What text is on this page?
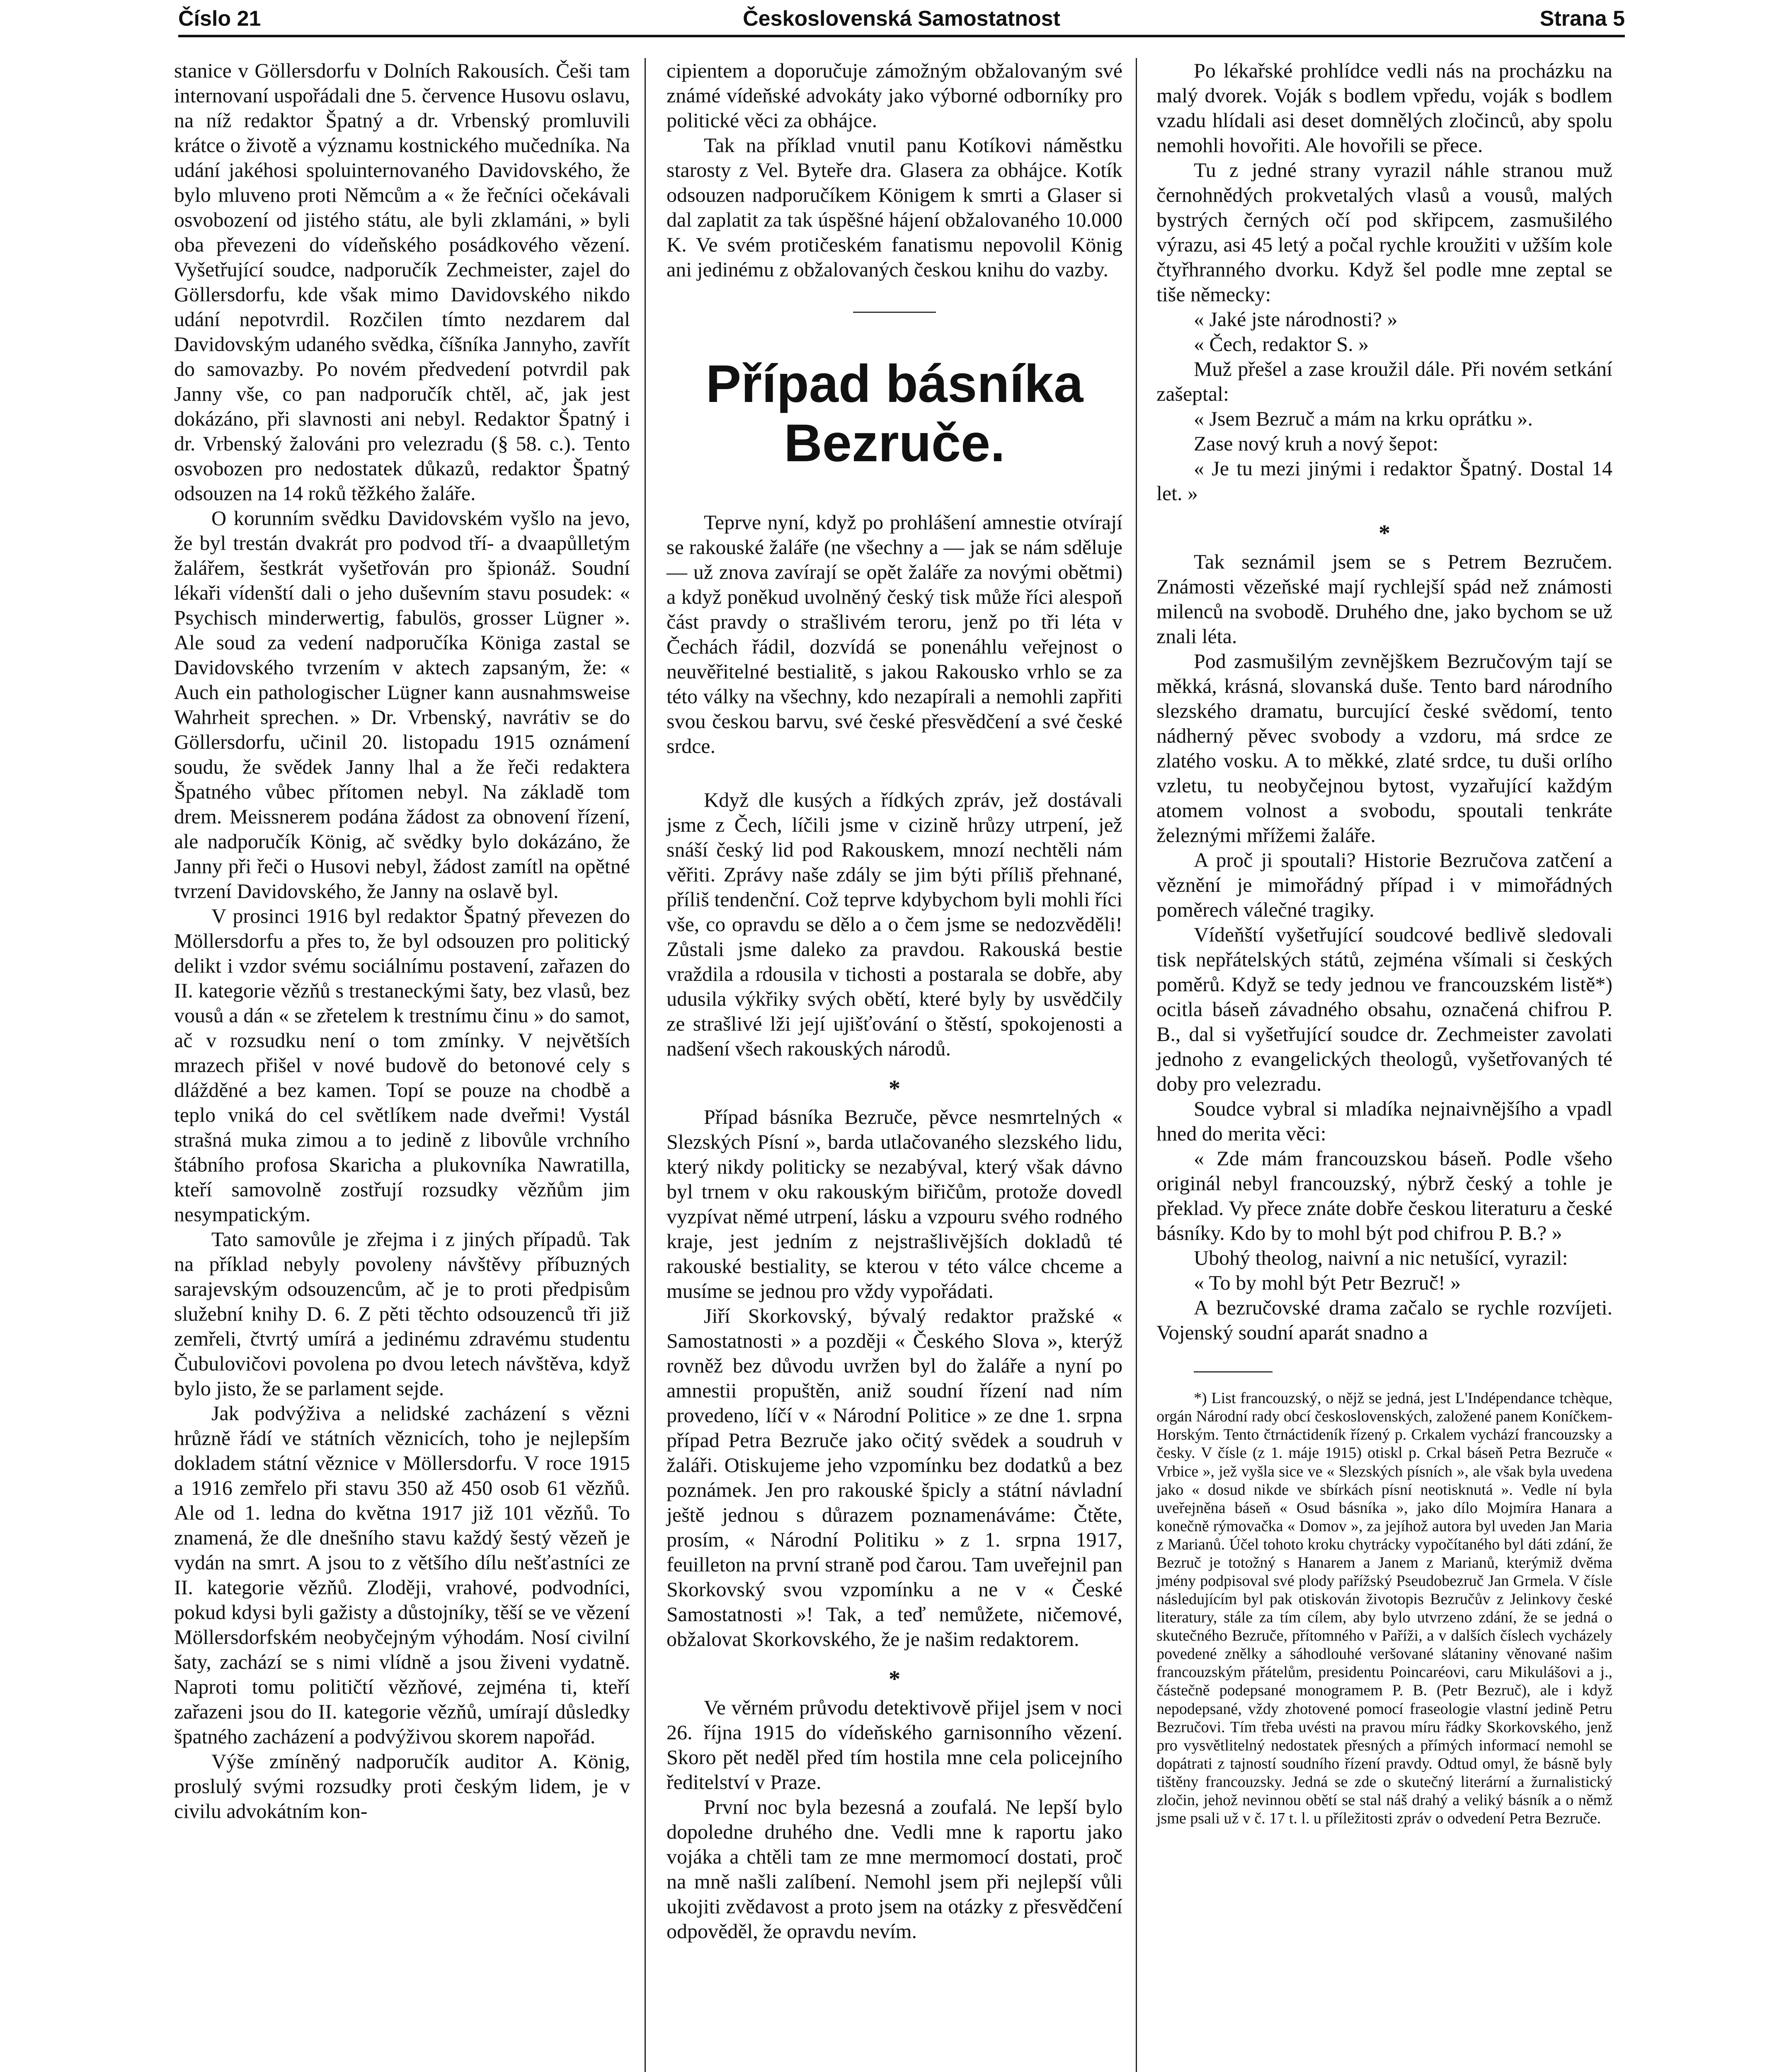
Číslo 21	Československá Samostatnost	Strana 5

stanice v Göllersdorfu v Dolních Rakousích. Češi tam internovaní uspořádali dne 5. července Husovu oslavu, na níž redaktor Špatný a dr. Vrbenský promluvili krátce o životě a významu kostnického mučedníka. Na udání jakéhosi spoluinternovaného Davidovského, že bylo mluveno proti Němcům a « že řečníci očekávali osvobození od jistého státu, ale byli zklamáni, » byli oba převezeni do vídeňského posádkového vězení. Vyšetřující soudce, nadporučík Zechmeister, zajel do Göllersdorfu, kde však mimo Davidovského nikdo udání nepotvrdil. Rozčilen tímto nezdarem dal Davidovským udaného svědka, číšníka Jannyho, zavřít do samovazby. Po novém předvedení potvrdil pak Janny vše, co pan nadporučík chtěl, ač, jak jest dokázáno, při slavnosti ani nebyl. Redaktor Špatný i dr. Vrbenský žalováni pro velezradu (§ 58. c.). Tento osvobozen pro nedostatek důkazů, redaktor Špatný odsouzen na 14 roků těžkého žaláře.

O korunním svědku Davidovském vyšlo na jevo, že byl trestán dvakrát pro podvod tří- a dvaapůlletým žalářem, šestkrát vyšetřován pro špionáž. Soudní lékaři vídenští dali o jeho duševním stavu posudek: « Psychisch minderwertig, fabulös, grosser Lügner ». Ale soud za vedení nadporučíka Königa zastal se Davidovského tvrzením v aktech zapsaným, že: « Auch ein pathologischer Lügner kann ausnahmsweise Wahrheit sprechen. » Dr. Vrbenský, navrátiv se do Göllersdorfu, učinil 20. listopadu 1915 oznámení soudu, že svědek Janny lhal a že řeči redaktera Špatného vůbec přítomen nebyl. Na základě tom drem. Meissnerem podána žádost za obnovení řízení, ale nadporučík König, ač svědky bylo dokázáno, že Janny při řeči o Husovi nebyl, žádost zamítl na opětné tvrzení Davidovského, že Janny na oslavě byl.

V prosinci 1916 byl redaktor Špatný převezen do Möllersdorfu a přes to, že byl odsouzen pro politický delikt i vzdor svému sociálnímu postavení, zařazen do II. kategorie vězňů s trestaneckými šaty, bez vlasů, bez vousů a dán « se zřetelem k trestnímu činu » do samot, ač v rozsudku není o tom zmínky. V největších mrazech přišel v nové budově do betonové cely s dlážděné a bez kamen. Topí se pouze na chodbě a teplo vniká do cel světlíkem nade dveřmi! Vystál strašná muka zimou a to jedině z libovůle vrchního štábního profosa Skaricha a plukovníka Nawratilla, kteří samovolně zostřují rozsudky vězňům jim nesympatickým.

Tato samovůle je zřejma i z jiných případů. Tak na příklad nebyly povoleny návštěvy příbuzných sarajevským odsouzencům, ač je to proti předpisům služební knihy D. 6. Z pěti těchto odsouzenců tři již zemřeli, čtvrtý umírá a jedinému zdravému studentu Čubulovičovi povolena po dvou letech návštěva, když bylo jisto, že se parlament sejde.

Jak podvýživa a nelidské zacházení s vězni hrůzně řádí ve státních věznicích, toho je nejlepším dokladem státní věznice v Möllersdorfu. V roce 1915 a 1916 zemřelo při stavu 350 až 450 osob 61 vězňů. Ale od 1. ledna do května 1917 již 101 vězňů. To znamená, že dle dnešního stavu každý šestý vězeň je vydán na smrt. A jsou to z většího dílu nešťastníci ze II. kategorie vězňů. Zloději, vrahové, podvodníci, pokud kdysi byli gažisty a důstojníky, těší se ve vězení Möllersdorfském neobyčejným výhodám. Nosí civilní šaty, zachází se s nimi vlídně a jsou živeni vydatně. Naproti tomu političtí vězňové, zejména ti, kteří zařazeni jsou do II. kategorie vězňů, umírají důsledky špatného zacházení a podvýživou skorem napořád.

Výše zmíněný nadporučík auditor A. König, proslulý svými rozsudky proti českým lidem, je v civilu advokátním kon-

cipientem a doporučuje zámožným obžalovaným své známé vídeňské advokáty jako výborné odborníky pro politické věci za obhájce.

Tak na příklad vnutil panu Kotíkovi náměstku starosty z Vel. Byteře dra. Glasera za obhájce. Kotík odsouzen nadporučíkem Königem k smrti a Glaser si dal zaplatit za tak úspěšné hájení obžalovaného 10.000 K. Ve svém protičeském fanatismu nepovolil König ani jedinému z obžalovaných českou knihu do vazby.

Případ básníka Bezruče.

Teprve nyní, když po prohlášení amnestie otvírají se rakouské žaláře (ne všechny a — jak se nám sděluje — už znova zavírají se opět žaláře za novými obětmi) a když poněkud uvolněný český tisk může říci alespoň část pravdy o strašlivém teroru, jenž po tři léta v Čechách řádil, dozvídá se ponenáhlu veřejnost o neuvěřitelné bestialitě, s jakou Rakousko vrhlo se za této války na všechny, kdo nezapírali a nemohli zapřiti svou českou barvu, své české přesvědčení a své české srdce.

Když dle kusých a řídkých zpráv, jež dostávali jsme z Čech, líčili jsme v cizině hrůzy utrpení, jež snáší český lid pod Rakouskem, mnozí nechtěli nám věřiti. Zprávy naše zdály se jim býti příliš přehnané, příliš tendenční. Což teprve kdybychom byli mohli říci vše, co opravdu se dělo a o čem jsme se nedozvěděli! Zůstali jsme daleko za pravdou. Rakouská bestie vraždila a rdousila v tichosti a postarala se dobře, aby udusila výkřiky svých obětí, které byly by usvědčily ze strašlivé lži její ujišťování o štěstí, spokojenosti a nadšení všech rakouských národů.

*

Případ básníka Bezruče, pěvce nesmrtelných « Slezských Písní », barda utlačovaného slezského lidu, který nikdy politicky se nezabýval, který však dávno byl trnem v oku rakouským biřičům, protože dovedl vyzpívat němé utrpení, lásku a vzpouru svého rodného kraje, jest jedním z nejstrašlivějších dokladů té rakouské bestiality, se kterou v této válce chceme a musíme se jednou pro vždy vypořádati.

Jiří Skorkovský, bývalý redaktor pražské « Samostatnosti » a později « Českého Slova », kterýž rovněž bez důvodu uvržen byl do žaláře a nyní po amnestii propuštěn, aniž soudní řízení nad ním provedeno, líčí v « Národní Politice » ze dne 1. srpna případ Petra Bezruče jako očitý svědek a soudruh v žaláři. Otiskujeme jeho vzpomínku bez dodatků a bez poznámek. Jen pro rakouské špicly a státní návladní ještě jednou s důrazem poznamenáváme: Čtěte, prosím, « Národní Politiku » z 1. srpna 1917, feuilleton na první straně pod čarou. Tam uveřejnil pan Skorkovský svou vzpomínku a ne v « České Samostatnosti »! Tak, a teď nemůžete, ničemové, obžalovat Skorkovského, že je našim redaktorem.

*

Ve věrném průvodu detektivově přijel jsem v noci 26. října 1915 do vídeňského garnisonního vězení. Skoro pět neděl před tím hostila mne cela policejního ředitelství v Praze.

První noc byla bezesná a zoufalá. Ne lepší bylo dopoledne druhého dne. Vedli mne k raportu jako vojáka a chtěli tam ze mne mermomocí dostati, proč na mně našli zalíbení. Nemohl jsem při nejlepší vůli ukojiti zvědavost a proto jsem na otázky z přesvědčení odpověděl, že opravdu nevím.

Po lékařské prohlídce vedli nás na procházku na malý dvorek. Voják s bodlem vpředu, voják s bodlem vzadu hlídali asi deset domnělých zločinců, aby spolu nemohli hovořiti. Ale hovořili se přece.

Tu z jedné strany vyrazil náhle stranou muž černohnědých prokvetalých vlasů a vousů, malých bystrých černých očí pod skřipcem, zasmušilého výrazu, asi 45 letý a počal rychle kroužiti v užším kole čtyřhranného dvorku. Když šel podle mne zeptal se tiše německy:

« Jaké jste národnosti? »

« Čech, redaktor S. »

Muž přešel a zase kroužil dále. Při novém setkání zašeptal:

« Jsem Bezruč a mám na krku oprátku ».

Zase nový kruh a nový šepot:

« Je tu mezi jinými i redaktor Špatný. Dostal 14 let. »

*

Tak seznámil jsem se s Petrem Bezručem. Známosti vězeňské mají rychlejší spád než známosti milenců na svobodě. Druhého dne, jako bychom se už znali léta.

Pod zasmušilým zevnějškem Bezručovým tají se měkká, krásná, slovanská duše. Tento bard národního slezského dramatu, burcující české svědomí, tento nádherný pěvec svobody a vzdoru, má srdce ze zlatého vosku. A to měkké, zlaté srdce, tu duši orlího vzletu, tu neobyčejnou bytost, vyzařující každým atomem volnost a svobodu, spoutali tenkráte železnými mřížemi žaláře.

A proč ji spoutali? Historie Bezručova zatčení a věznění je mimořádný případ i v mimořádných poměrech válečné tragiky.

Vídeňští vyšetřující soudcové bedlivě sledovali tisk nepřátelských států, zejména všímali si českých poměrů. Když se tedy jednou ve francouzském listě*) ocitla báseň závadného obsahu, označená chifrou P. B., dal si vyšetřující soudce dr. Zechmeister zavolati jednoho z evangelických theologů, vyšetřovaných té doby pro velezradu.

Soudce vybral si mladíka nejnaivnějšího a vpadl hned do merita věci:

« Zde mám francouzskou báseň. Podle všeho originál nebyl francouzský, nýbrž český a tohle je překlad. Vy přece znáte dobře českou literaturu a české básníky. Kdo by to mohl být pod chifrou P. B.? »

Ubohý theolog, naivní a nic netušící, vyrazil:

« To by mohl být Petr Bezruč! »

A bezručovské drama začalo se rychle rozvíjeti. Vojenský soudní aparát snadno a

*) List francouzský, o nějž se jedná, jest L'Indépendance tchèque, orgán Národní rady obcí československých, založené panem Koníčkem-Horským. Tento čtrnáctideník řízený p. Crkalem vychází francouzsky a česky. V čísle (z 1. máje 1915) otiskl p. Crkal báseň Petra Bezruče « Vrbice », jež vyšla sice ve « Slezských písních », ale však byla uvedena jako « dosud nikde ve sbírkách písní neotisknutá ». Vedle ní byla uveřejněna báseň « Osud básníka », jako dílo Mojmíra Hanara a konečně rýmovačka « Domov », za jejíhož autora byl uveden Jan Maria z Marianů. Účel tohoto kroku chytrácky vypočítaného byl dáti zdání, že Bezruč je totožný s Hanarem a Janem z Marianů, kterýmiž dvěma jmény podpisoval své plody pařížský Pseudobezruč Jan Grmela. V čísle následujícím byl pak otiskován životopis Bezručův z Jelinkovy české literatury, stále za tím cílem, aby bylo utvrzeno zdání, že se jedná o skutečného Bezruče, přítomného v Paříži, a v dalších číslech vycházely povedené znělky a sáhodlouhé veršované slátaniny věnované našim francouzským přátelům, presidentu Poincaréovi, caru Mikulášovi a j., částečně podepsané monogramem P. B. (Petr Bezruč), ale i když nepodepsané, vždy zhotovené pomocí fraseologie vlastní jedině Petru Bezručovi. Tím třeba uvésti na pravou míru řádky Skorkovského, jenž pro vysvětlitelný nedostatek přesných a přímých informací nemohl se dopátrati z tajností soudního řízení pravdy. Odtud omyl, že básně byly tištěny francouzsky. Jedná se zde o skutečný literární a žurnalistický zločin, jehož nevinnou obětí se stal náš drahý a veliký básník a o němž jsme psali už v č. 17 t. l. u příležitosti zpráv o odvedení Petra Bezruče.
